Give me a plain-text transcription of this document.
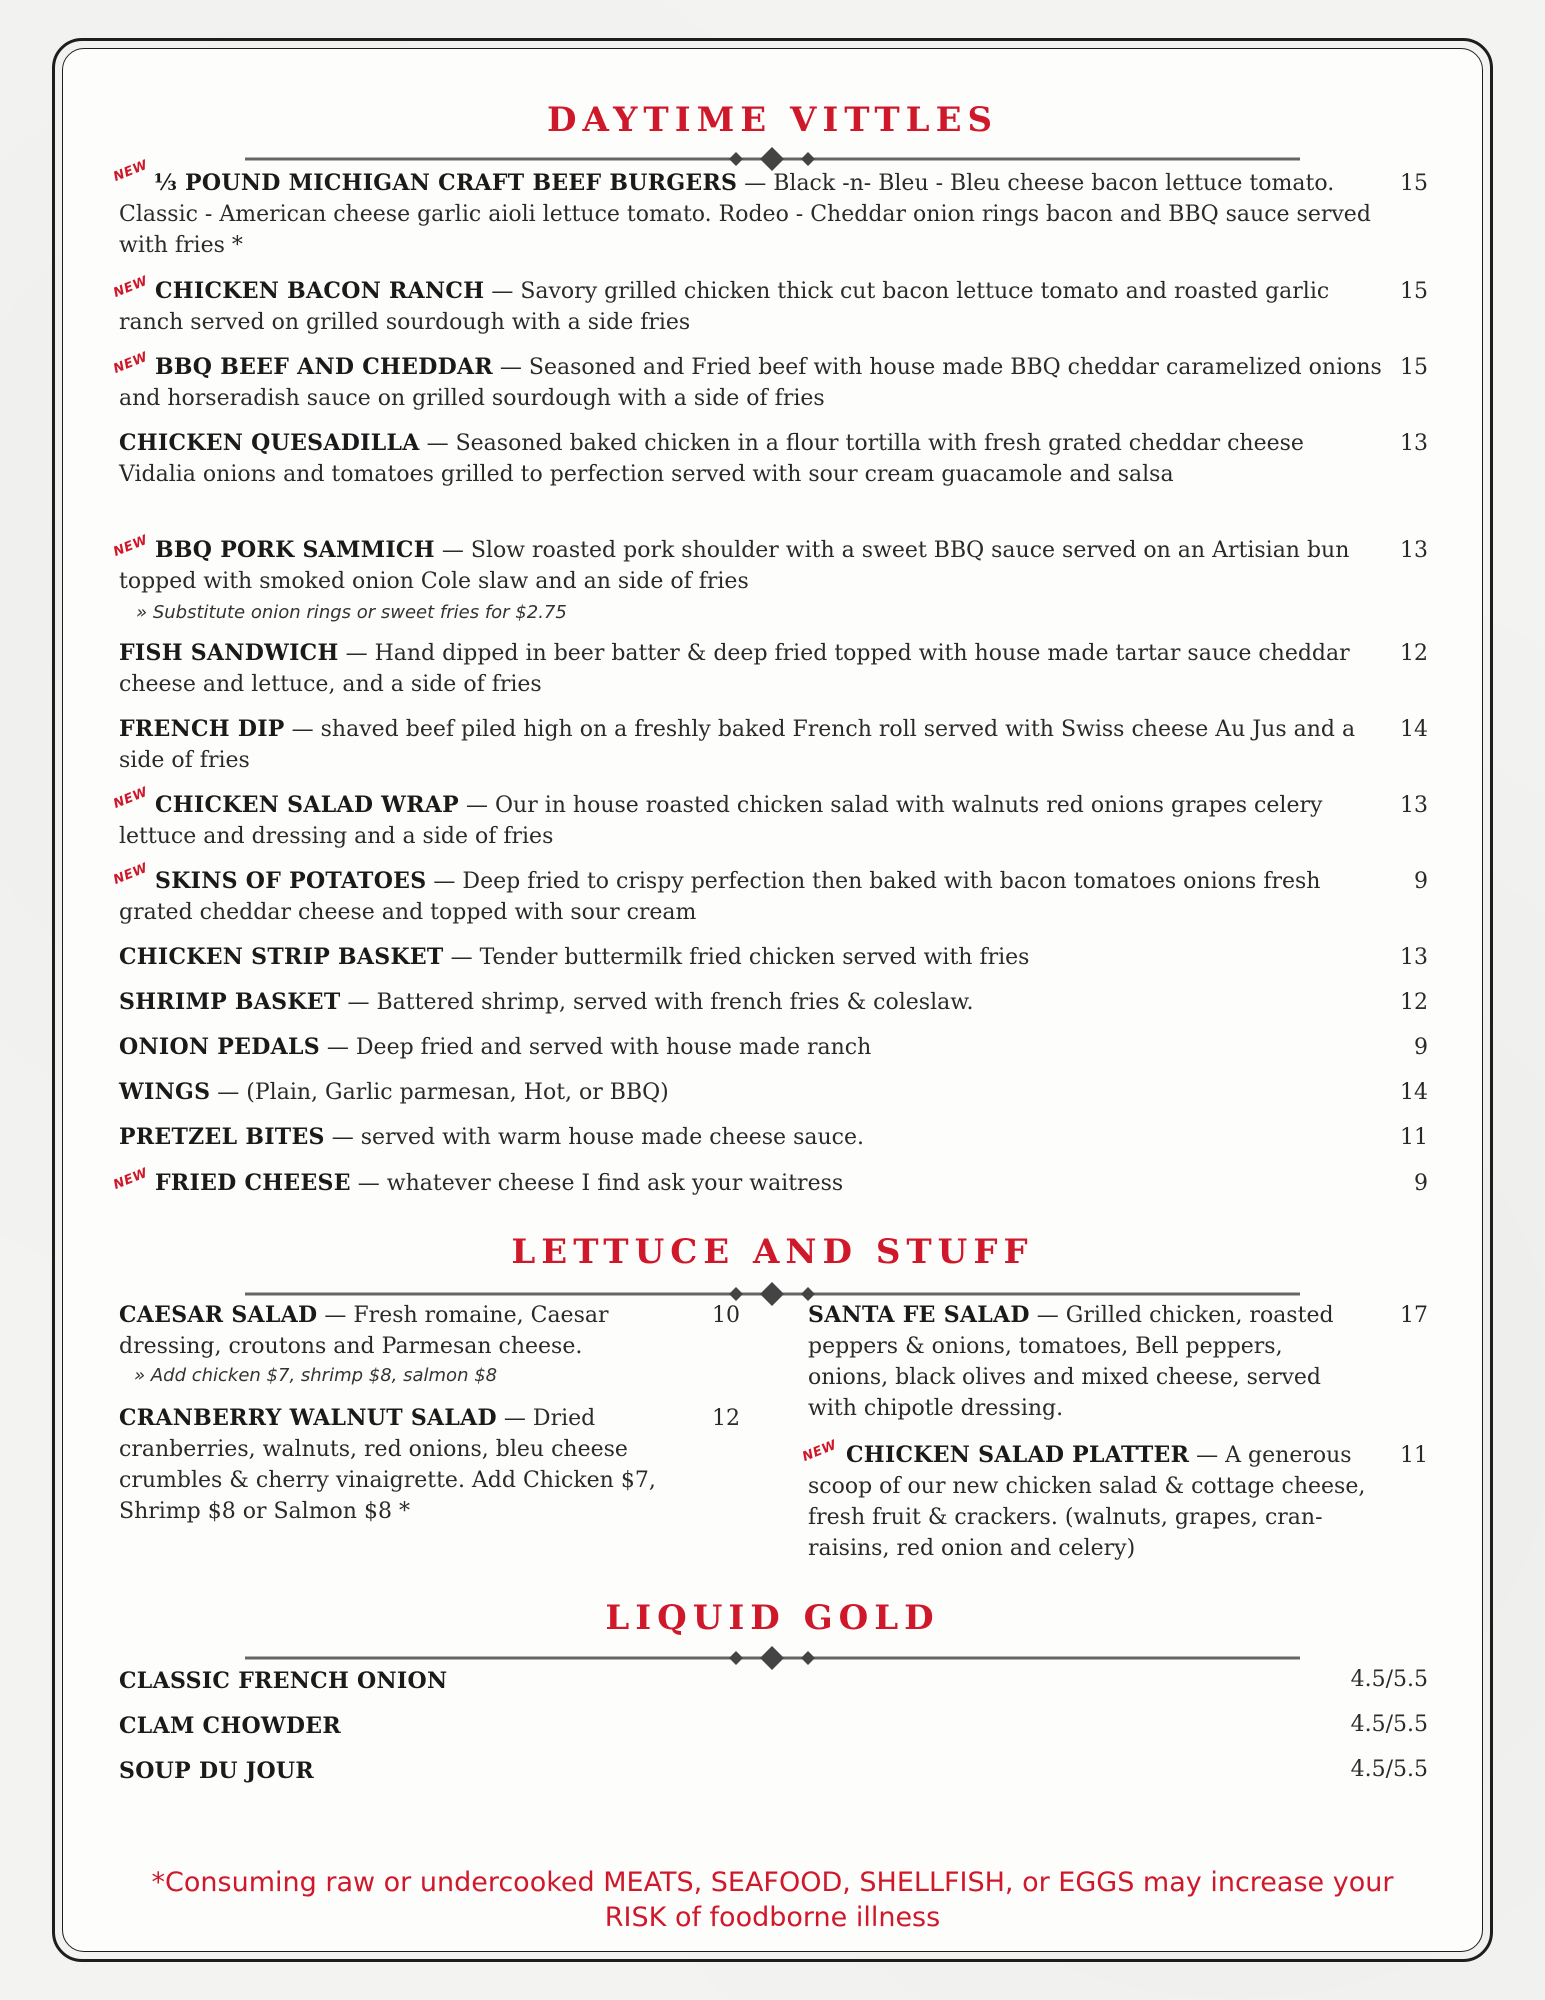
DAYTIME VITTLES
NEW
NEW
NEW
NEW
NEW
NEW
NEW
⅓ POUND MICHIGAN CRAFT BEEF BURGERS — Black -n- Bleu - Bleu cheese bacon lettuce tomato. Classic - American cheese garlic aioli lettuce tomato. Rodeo - Cheddar onion rings bacon and BBQ sauce served with fries *
15
CHICKEN BACON RANCH — Savory grilled chicken thick cut bacon lettuce tomato and roasted garlic ranch served on grilled sourdough with a side fries
15
BBQ BEEF AND CHEDDAR — Seasoned and Fried beef with house made BBQ cheddar caramelized onions and horseradish sauce on grilled sourdough with a side of fries
15
CHICKEN QUESADILLA — Seasoned baked chicken in a flour tortilla with fresh grated cheddar cheese Vidalia onions and tomatoes grilled to perfection served with sour cream guacamole and salsa
13
BBQ PORK SAMMICH — Slow roasted pork shoulder with a sweet BBQ sauce served on an Artisian bun topped with smoked onion Cole slaw and an side of fries
13
» Substitute onion rings or sweet fries for $2.75
FISH SANDWICH — Hand dipped in beer batter & deep fried topped with house made tartar sauce cheddar cheese and lettuce, and a side of fries
12
FRENCH DIP — shaved beef piled high on a freshly baked French roll served with Swiss cheese Au Jus and a side of fries
14
CHICKEN SALAD WRAP — Our in house roasted chicken salad with walnuts red onions grapes celery lettuce and dressing and a side of fries
13
SKINS OF POTATOES — Deep fried to crispy perfection then baked with bacon tomatoes onions fresh grated cheddar cheese and topped with sour cream
9
CHICKEN STRIP BASKET — Tender buttermilk fried chicken served with fries	13
SHRIMP BASKET — Battered shrimp, served with french fries & coleslaw.	12
ONION PEDALS — Deep fried and served with house made ranch	9
WINGS — (Plain, Garlic parmesan, Hot, or BBQ)	14
PRETZEL BITES — served with warm house made cheese sauce.	11
FRIED CHEESE — whatever cheese I find ask your waitress	9
LETTUCE AND STUFF
CAESAR SALAD — Fresh romaine, Caesar dressing, croutons and Parmesan cheese.
10
» Add chicken $7, shrimp $8, salmon $8
CRANBERRY WALNUT SALAD — Dried cranberries, walnuts, red onions, bleu cheese crumbles & cherry vinaigrette. Add Chicken $7, Shrimp $8 or Salmon $8 *
12
SANTA FE SALAD — Grilled chicken, roasted peppers & onions, tomatoes, Bell peppers, onions, black olives and mixed cheese, served with chipotle dressing.
17
NEW CHICKEN SALAD PLATTER — A generous scoop of our new chicken salad & cottage cheese, fresh fruit & crackers. (walnuts, grapes, cran-raisins, red onion and celery)
11
LIQUID GOLD
CLASSIC FRENCH ONION	4.5/5.5
CLAM CHOWDER	4.5/5.5
SOUP DU JOUR	4.5/5.5
*Consuming raw or undercooked MEATS, SEAFOOD, SHELLFISH, or EGGS may increase your
RISK of foodborne illness
